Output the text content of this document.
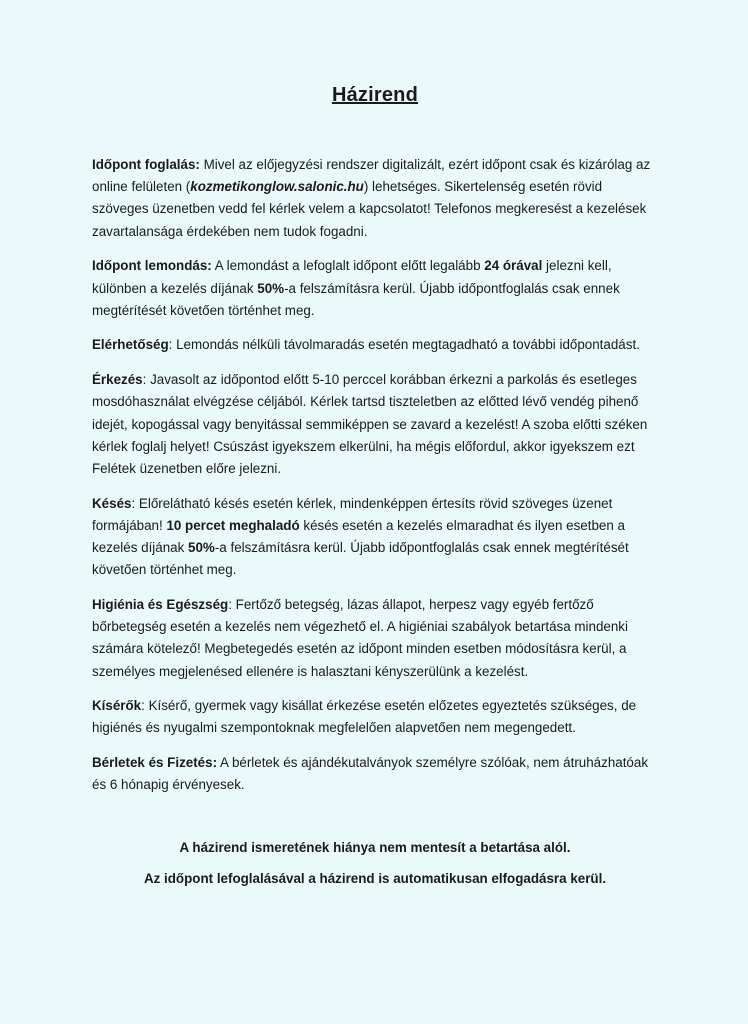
Házirend

Időpont foglalás: Mivel az előjegyzési rendszer digitalizált, ezért időpont csak és kizárólag az online felületen (kozmetikonglow.salonic.hu) lehetséges. Sikertelenség esetén rövid szöveges üzenetben vedd fel kérlek velem a kapcsolatot! Telefonos megkeresést a kezelések zavartalansága érdekében nem tudok fogadni.

Időpont lemondás: A lemondást a lefoglalt időpont előtt legalább 24 órával jelezni kell, különben a kezelés díjának 50%-a felszámításra kerül. Újabb időpontfoglalás csak ennek megtérítését követően történhet meg.

Elérhetőség: Lemondás nélküli távolmaradás esetén megtagadható a további időpontadást.

Érkezés: Javasolt az időpontod előtt 5-10 perccel korábban érkezni a parkolás és esetleges mosdóhasználat elvégzése céljából. Kérlek tartsd tiszteletben az előtted lévő vendég pihenő idejét, kopogással vagy benyitással semmiképpen se zavard a kezelést! A szoba előtti széken kérlek foglalj helyet! Csúszást igyekszem elkerülni, ha mégis előfordul, akkor igyekszem ezt Felétek üzenetben előre jelezni.

Késés: Előrelátható késés esetén kérlek, mindenképpen értesíts rövid szöveges üzenet formájában! 10 percet meghaladó késés esetén a kezelés elmaradhat és ilyen esetben a kezelés díjának 50%-a felszámításra kerül. Újabb időpontfoglalás csak ennek megtérítését követően történhet meg.

Higiénia és Egészség: Fertőző betegség, lázas állapot, herpesz vagy egyéb fertőző bőrbetegség esetén a kezelés nem végezhető el. A higiéniai szabályok betartása mindenki számára kötelező! Megbetegedés esetén az időpont minden esetben módosításra kerül, a személyes megjelenésed ellenére is halasztani kényszerülünk a kezelést.

Kísérők: Kísérő, gyermek vagy kisállat érkezése esetén előzetes egyeztetés szükséges, de higiénés és nyugalmi szempontoknak megfelelően alapvetően nem megengedett.

Bérletek és Fizetés: A bérletek és ajándékutalványok személyre szólóak, nem átruházhatóak és 6 hónapig érvényesek.

A házirend ismeretének hiánya nem mentesít a betartása alól.

Az időpont lefoglalásával a házirend is automatikusan elfogadásra kerül.
